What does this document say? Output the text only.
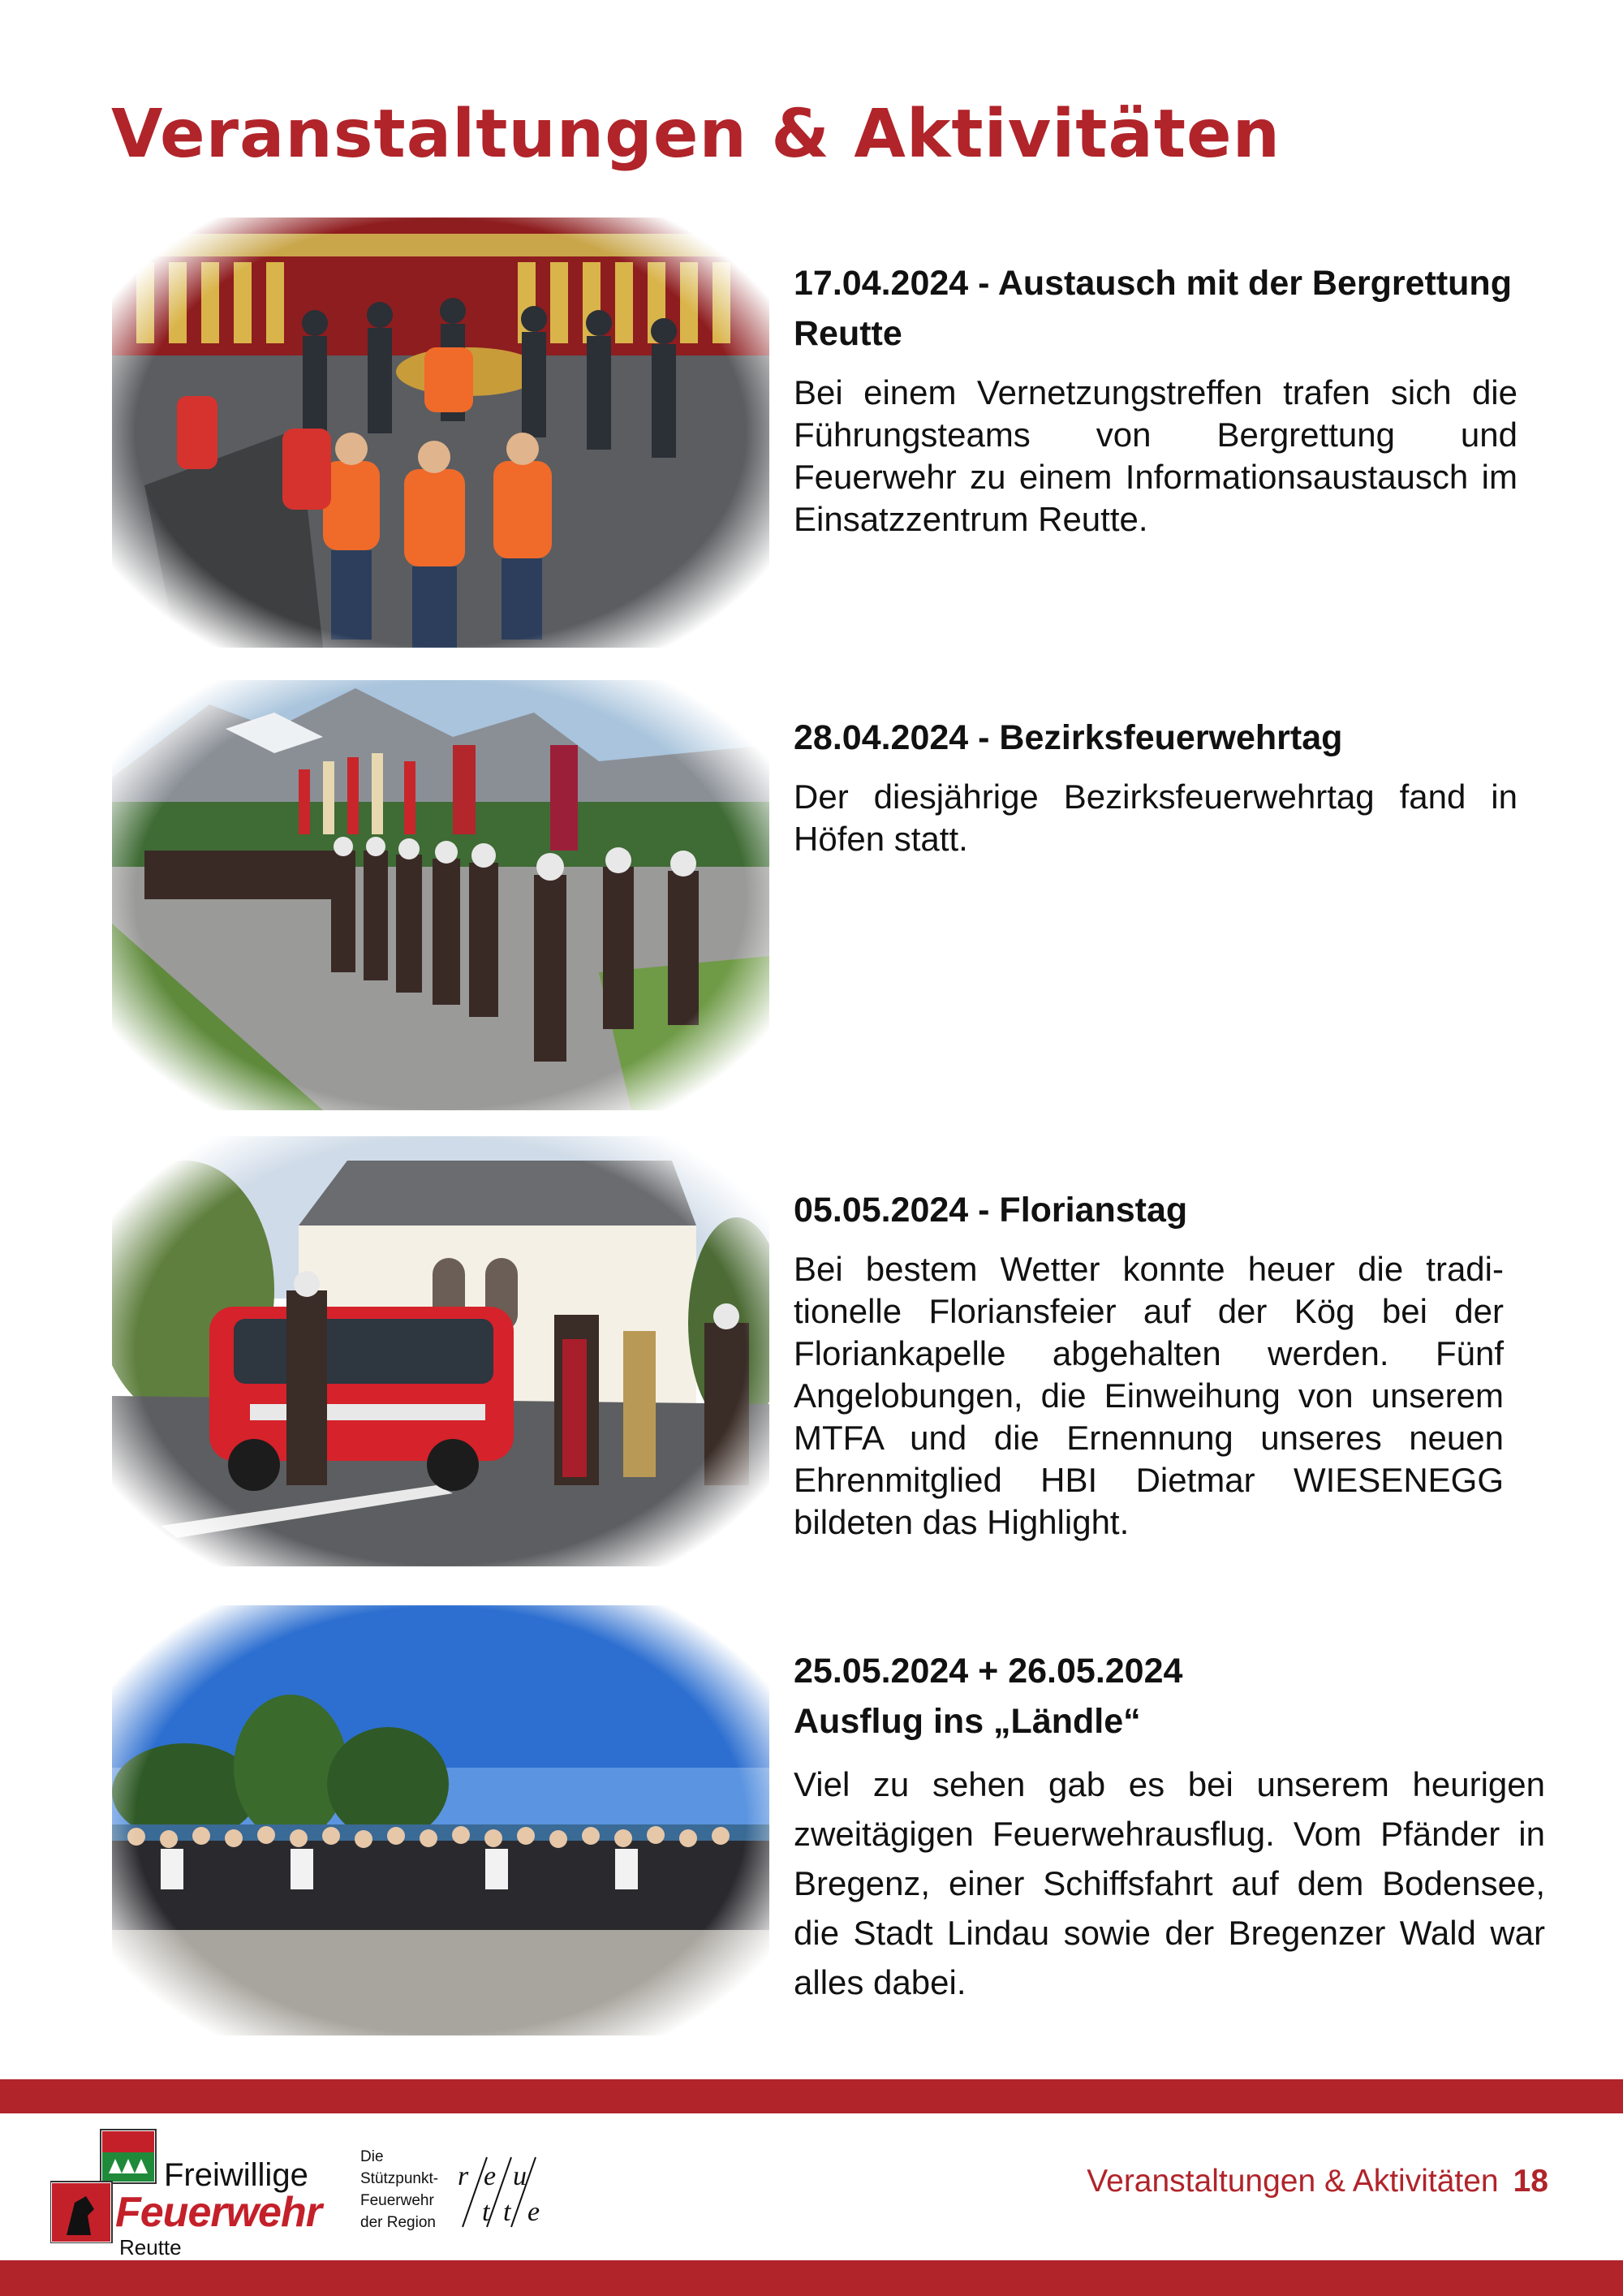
Veranstaltungen & Aktivitäten

17.04.2024 - Austausch mit der Bergrettung Reutte

Bei einem Vernetzungstreffen trafen sich die Führungsteams von Bergrettung und Feuerwehr zu einem Informationsaustausch im Einsatzzentrum Reutte.

28.04.2024 - Bezirksfeuerwehrtag

Der diesjährige Bezirksfeuerwehrtag fand in Höfen statt.

05.05.2024 - Florianstag

Bei bestem Wetter konnte heuer die traditionelle Floriansfeier auf der Kög bei der Floriankapelle abgehalten werden. Fünf Angelobungen, die Einweihung von unserem MTFA und die Ernennung unseres neuen Ehrenmitglied HBI Dietmar WIESENEGG bildeten das Highlight.

25.05.2024 + 26.05.2024

Ausflug ins „Ländle“

Viel zu sehen gab es bei unserem heurigen zweitägigen Feuerwehrausflug. Vom Pfänder in Bregenz, einer Schiffsfahrt auf dem Bodensee, die Stadt Lindau sowie der Bregenzer Wald war alles dabei.

Freiwillige
Feuerwehr
Reutte
Die
Stützpunkt-
Feuerwehr
der Region
r e u
t t e
Veranstaltungen & Aktivitäten 18
